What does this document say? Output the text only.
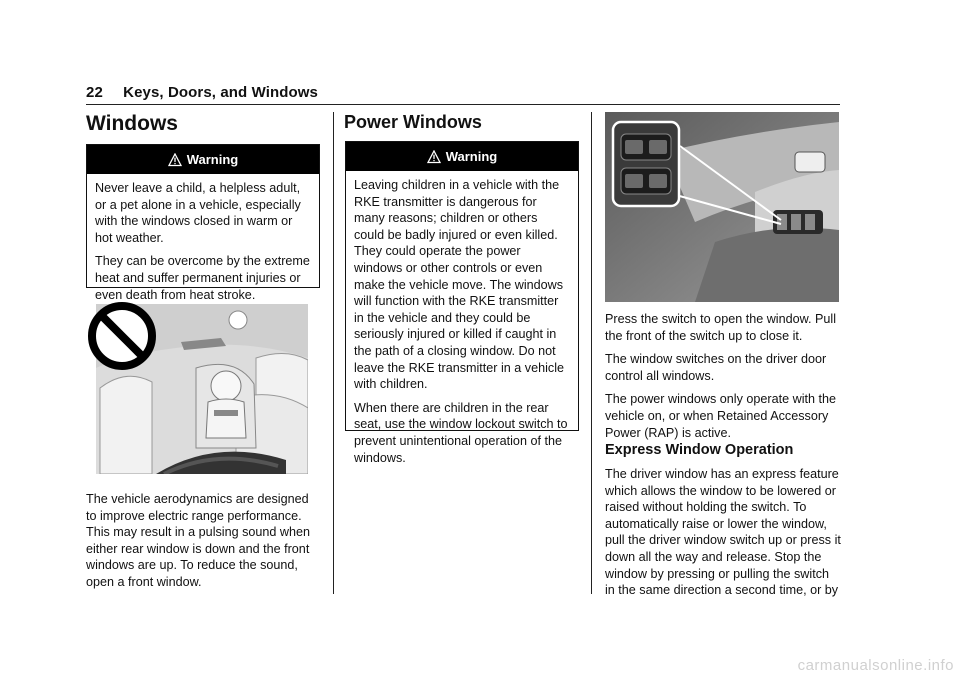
22 Keys, Doors, and Windows
Windows
Warning

Never leave a child, a helpless adult, or a pet alone in a vehicle, especially with the windows closed in warm or hot weather.

They can be overcome by the extreme heat and suffer permanent injuries or even death from heat stroke.

The vehicle aerodynamics are designed to improve electric range performance. This may result in a pulsing sound when either rear window is down and the front windows are up. To reduce the sound, open a front window.
Power Windows
Warning

Leaving children in a vehicle with the RKE transmitter is dangerous for many reasons; children or others could be badly injured or even killed. They could operate the power windows or other controls or even make the vehicle move. The windows will function with the RKE transmitter in the vehicle and they could be seriously injured or killed if caught in the path of a closing window. Do not leave the RKE transmitter in a vehicle with children.

When there are children in the rear seat, use the window lockout switch to prevent unintentional operation of the windows.

Press the switch to open the window. Pull the front of the switch up to close it.

The window switches on the driver door control all windows.

The power windows only operate with the vehicle on, or when Retained Accessory Power (RAP) is active.

Express Window Operation
The driver window has an express feature which allows the window to be lowered or raised without holding the switch. To automatically raise or lower the window, pull the driver window switch up or press it down all the way and release. Stop the window by pressing or pulling the switch in the same direction a second time, or by
carmanualsonline.info
